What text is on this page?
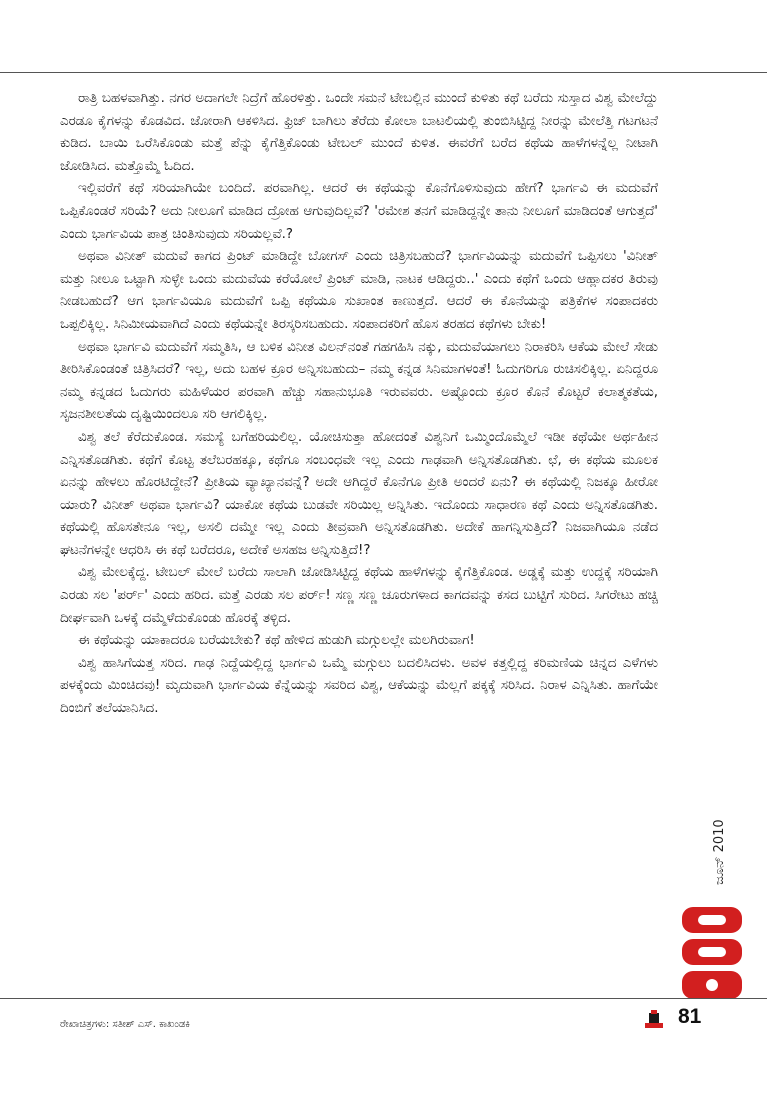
ರಾತ್ರಿ ಬಹಳವಾಗಿತ್ತು. ನಗರ ಅದಾಗಲೇ ನಿದ್ರೆಗೆ ಹೊರಳಿತ್ತು. ಒಂದೇ ಸಮನೆ ಟೇಬಲ್ಲಿನ ಮುಂದೆ ಕುಳಿತು ಕಥೆ ಬರೆದು ಸುಸ್ತಾದ ವಿಶ್ವ ಮೇಲೆದ್ದು ಎರಡೂ ಕೈಗಳನ್ನು ಕೊಡವಿದ. ಜೋರಾಗಿ ಆಕಳಿಸಿದ. ಫ್ರಿಜ್ ಬಾಗಿಲು ತೆರೆದು ಕೋಲಾ ಬಾಟಲಿಯಲ್ಲಿ ತುಂಬಿಸಿಟ್ಟಿದ್ದ ನೀರನ್ನು ಮೇಲೆತ್ತಿ ಗಟಗಟನೆ ಕುಡಿದ. ಬಾಯಿ ಒರೆಸಿಕೊಂಡು ಮತ್ತೆ ಪೆನ್ನು ಕೈಗೆತ್ತಿಕೊಂಡು ಟೇಬಲ್ ಮುಂದೆ ಕುಳಿತ. ಈವರೆಗೆ ಬರೆದ ಕಥೆಯ ಹಾಳೆಗಳನ್ನೆಲ್ಲ ನೀಟಾಗಿ ಜೋಡಿಸಿದ. ಮತ್ತೊಮ್ಮೆ ಓದಿದ.

ಇಲ್ಲಿವರೆಗೆ ಕಥೆ ಸರಿಯಾಗಿಯೇ ಬಂದಿದೆ. ಪರವಾಗಿಲ್ಲ. ಆದರೆ ಈ ಕಥೆಯನ್ನು ಕೊನೆಗೊಳಿಸುವುದು ಹೇಗೆ? ಭಾರ್ಗವಿ ಈ ಮದುವೆಗೆ ಒಪ್ಪಿಕೊಂಡರೆ ಸರಿಯೆ? ಅದು ನೀಲೂಗೆ ಮಾಡಿದ ದ್ರೋಹ ಆಗುವುದಿಲ್ಲವೆ? 'ರಮೇಶ ತನಗೆ ಮಾಡಿದ್ದನ್ನೇ ತಾನು ನೀಲೂಗೆ ಮಾಡಿದಂತೆ ಆಗುತ್ತದೆ' ಎಂದು ಭಾರ್ಗವಿಯ ಪಾತ್ರ ಚಿಂತಿಸುವುದು ಸರಿಯಲ್ಲವೆ.?

ಅಥವಾ ವಿನೀತ್ ಮದುವೆ ಕಾಗದ ಪ್ರಿಂಟ್ ಮಾಡಿದ್ದೇ ಬೋಗಸ್ ಎಂದು ಚಿತ್ರಿಸಬಹುದೆ? ಭಾರ್ಗವಿಯನ್ನು ಮದುವೆಗೆ ಒಪ್ಪಿಸಲು 'ವಿನೀತ್ ಮತ್ತು ನೀಲೂ ಒಟ್ಟಾಗಿ ಸುಳ್ಳೇ ಒಂದು ಮದುವೆಯ ಕರೆಯೋಲೆ ಪ್ರಿಂಟ್ ಮಾಡಿ, ನಾಟಕ ಆಡಿದ್ದರು..' ಎಂದು ಕಥೆಗೆ ಒಂದು ಆಹ್ಲಾದಕರ ತಿರುವು ನೀಡಬಹುದೆ? ಆಗ ಭಾರ್ಗವಿಯೂ ಮದುವೆಗೆ ಒಪ್ಪಿ ಕಥೆಯೂ ಸುಖಾಂತ ಕಾಣುತ್ತದೆ. ಆದರೆ ಈ ಕೊನೆಯನ್ನು ಪತ್ರಿಕೆಗಳ ಸಂಪಾದಕರು ಒಪ್ಪಲಿಕ್ಕಿಲ್ಲ. ಸಿನಿಮೀಯವಾಗಿದೆ ಎಂದು ಕಥೆಯನ್ನೇ ತಿರಸ್ಕರಿಸಬಹುದು. ಸಂಪಾದಕರಿಗೆ ಹೊಸ ತರಹದ ಕಥೆಗಳು ಬೇಕು!

ಅಥವಾ ಭಾರ್ಗವಿ ಮದುವೆಗೆ ಸಮ್ಮತಿಸಿ, ಆ ಬಳಿಕ ವಿನೀತ ವಿಲನ್‌ನಂತೆ ಗಹಗಹಿಸಿ ನಕ್ಕು, ಮದುವೆಯಾಗಲು ನಿರಾಕರಿಸಿ ಆಕೆಯ ಮೇಲೆ ಸೇಡು ತೀರಿಸಿಕೊಂಡಂತೆ ಚಿತ್ರಿಸಿದರೆ? ಇಲ್ಲ, ಅದು ಬಹಳ ಕ್ರೂರ ಅನ್ನಿಸಬಹುದು– ನಮ್ಮ ಕನ್ನಡ ಸಿನಿಮಾಗಳಂತೆ! ಓದುಗರಿಗೂ ರುಚಿಸಲಿಕ್ಕಿಲ್ಲ. ಏನಿದ್ದರೂ ನಮ್ಮ ಕನ್ನಡದ ಓದುಗರು ಮಹಿಳೆಯರ ಪರವಾಗಿ ಹೆಚ್ಚು ಸಹಾನುಭೂತಿ ಇರುವವರು. ಅಷ್ಟೊಂದು ಕ್ರೂರ ಕೊನೆ ಕೊಟ್ಟರೆ ಕಲಾತ್ಮಕತೆಯ, ಸೃಜನಶೀಲತೆಯ ದೃಷ್ಟಿಯಿಂದಲೂ ಸರಿ ಆಗಲಿಕ್ಕಿಲ್ಲ.

ವಿಶ್ವ ತಲೆ ಕೆರೆದುಕೊಂಡ. ಸಮಸ್ಯೆ ಬಗೆಹರಿಯಲಿಲ್ಲ. ಯೋಚಿಸುತ್ತಾ ಹೋದಂತೆ ವಿಶ್ವನಿಗೆ ಒಮ್ಮಿಂದೊಮ್ಮೆಲೆ ಇಡೀ ಕಥೆಯೇ ಅರ್ಥಹೀನ ಎನ್ನಿಸತೊಡಗಿತು. ಕಥೆಗೆ ಕೊಟ್ಟ ತಲೆಬರಹಕ್ಕೂ, ಕಥೆಗೂ ಸಂಬಂಧವೇ ಇಲ್ಲ ಎಂದು ಗಾಢವಾಗಿ ಅನ್ನಿಸತೊಡಗಿತು. ಛೆ, ಈ ಕಥೆಯ ಮೂಲಕ ಏನನ್ನು ಹೇಳಲು ಹೊರಟಿದ್ದೇನೆ? ಪ್ರೀತಿಯ ವ್ಯಾಖ್ಯಾನವನ್ನೆ? ಅದೇ ಆಗಿದ್ದರೆ ಕೊನೆಗೂ ಪ್ರೀತಿ ಅಂದರೆ ಏನು? ಈ ಕಥೆಯಲ್ಲಿ ನಿಜಕ್ಕೂ ಹೀರೋ ಯಾರು? ವಿನೀತ್ ಅಥವಾ ಭಾರ್ಗವಿ? ಯಾಕೋ ಕಥೆಯ ಬುಡವೇ ಸರಿಯಿಲ್ಲ ಅನ್ನಿಸಿತು. ಇದೊಂದು ಸಾಧಾರಣ ಕಥೆ ಎಂದು ಅನ್ನಿಸತೊಡಗಿತು. ಕಥೆಯಲ್ಲಿ ಹೊಸತೇನೂ ಇಲ್ಲ, ಅಸಲಿ ದಮ್ಮೇ ಇಲ್ಲ ಎಂದು ತೀವ್ರವಾಗಿ ಅನ್ನಿಸತೊಡಗಿತು. ಅದೇಕೆ ಹಾಗನ್ನಿಸುತ್ತಿದೆ? ನಿಜವಾಗಿಯೂ ನಡೆದ ಘಟನೆಗಳನ್ನೇ ಆಧರಿಸಿ ಈ ಕಥೆ ಬರೆದರೂ, ಅದೇಕೆ ಅಸಹಜ ಅನ್ನಿಸುತ್ತಿದೆ!?

ವಿಶ್ವ ಮೇಲಕ್ಕೆದ್ದ. ಟೇಬಲ್ ಮೇಲೆ ಬರೆದು ಸಾಲಾಗಿ ಜೋಡಿಸಿಟ್ಟಿದ್ದ ಕಥೆಯ ಹಾಳೆಗಳನ್ನು ಕೈಗೆತ್ತಿಕೊಂಡ. ಅಡ್ಡಕ್ಕೆ ಮತ್ತು ಉದ್ದಕ್ಕೆ ಸರಿಯಾಗಿ ಎರಡು ಸಲ 'ಪರ್ರ್' ಎಂದು ಹರಿದ. ಮತ್ತೆ ಎರಡು ಸಲ ಪರ್ರ್! ಸಣ್ಣ ಸಣ್ಣ ಚೂರುಗಳಾದ ಕಾಗದವನ್ನು ಕಸದ ಬುಟ್ಟಿಗೆ ಸುರಿದ. ಸಿಗರೇಟು ಹಚ್ಚಿ ದೀರ್ಘವಾಗಿ ಒಳಕ್ಕೆ ದಮ್ಮೆಳೆದುಕೊಂಡು ಹೊರಕ್ಕೆ ತಳ್ಳಿದ.

ಈ ಕಥೆಯನ್ನು ಯಾಕಾದರೂ ಬರೆಯಬೇಕು? ಕಥೆ ಹೇಳಿದ ಹುಡುಗಿ ಮಗ್ಗುಲಲ್ಲೇ ಮಲಗಿರುವಾಗ!

ವಿಶ್ವ ಹಾಸಿಗೆಯತ್ತ ಸರಿದ. ಗಾಢ ನಿದ್ದೆಯಲ್ಲಿದ್ದ ಭಾರ್ಗವಿ ಒಮ್ಮೆ ಮಗ್ಗುಲು ಬದಲಿಸಿದಳು. ಅವಳ ಕತ್ತಲ್ಲಿದ್ದ ಕರಿಮಣಿಯ ಚಿನ್ನದ ಎಳೆಗಳು ಪಳಕ್ಕೆಂದು ಮಿಂಚಿದವು! ಮೃದುವಾಗಿ ಭಾರ್ಗವಿಯ ಕೆನ್ನೆಯನ್ನು ಸವರಿದ ವಿಶ್ವ, ಆಕೆಯನ್ನು ಮೆಲ್ಲಗೆ ಪಕ್ಕಕ್ಕೆ ಸರಿಸಿದ. ನಿರಾಳ ಎನ್ನಿಸಿತು. ಹಾಗೆಯೇ ದಿಂಬಿಗೆ ತಲೆಯಾನಿಸಿದ.

ಜೂನ್ 2010
ರೇಖಾಚಿತ್ರಗಳು: ಸತೀಶ್ ಎಸ್. ಕಾಖಂಡಕಿ	81
